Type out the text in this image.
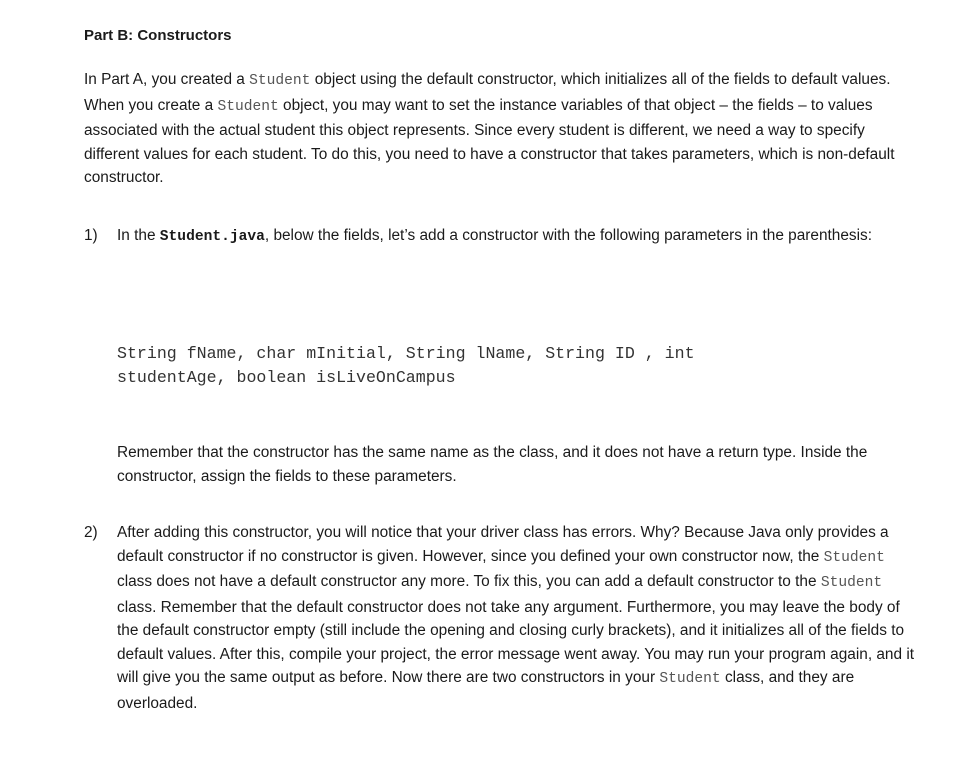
Part B: Constructors

In Part A, you created a Student object using the default constructor, which initializes all of the fields to default values. When you create a Student object, you may want to set the instance variables of that object – the fields – to values associated with the actual student this object represents. Since every student is different, we need a way to specify different values for each student. To do this, you need to have a constructor that takes parameters, which is non-default constructor.

1) In the Student.java, below the fields, let’s add a constructor with the following parameters in the parenthesis:

String fName, char mInitial, String lName, String ID , int
studentAge, boolean isLiveOnCampus

Remember that the constructor has the same name as the class, and it does not have a return type. Inside the constructor, assign the fields to these parameters.

2) After adding this constructor, you will notice that your driver class has errors. Why? Because Java only provides a default constructor if no constructor is given. However, since you defined your own constructor now, the Student class does not have a default constructor any more. To fix this, you can add a default constructor to the Student class. Remember that the default constructor does not take any argument. Furthermore, you may leave the body of the default constructor empty (still include the opening and closing curly brackets), and it initializes all of the fields to default values. After this, compile your project, the error message went away. You may run your program again, and it will give you the same output as before. Now there are two constructors in your Student class, and they are overloaded.
